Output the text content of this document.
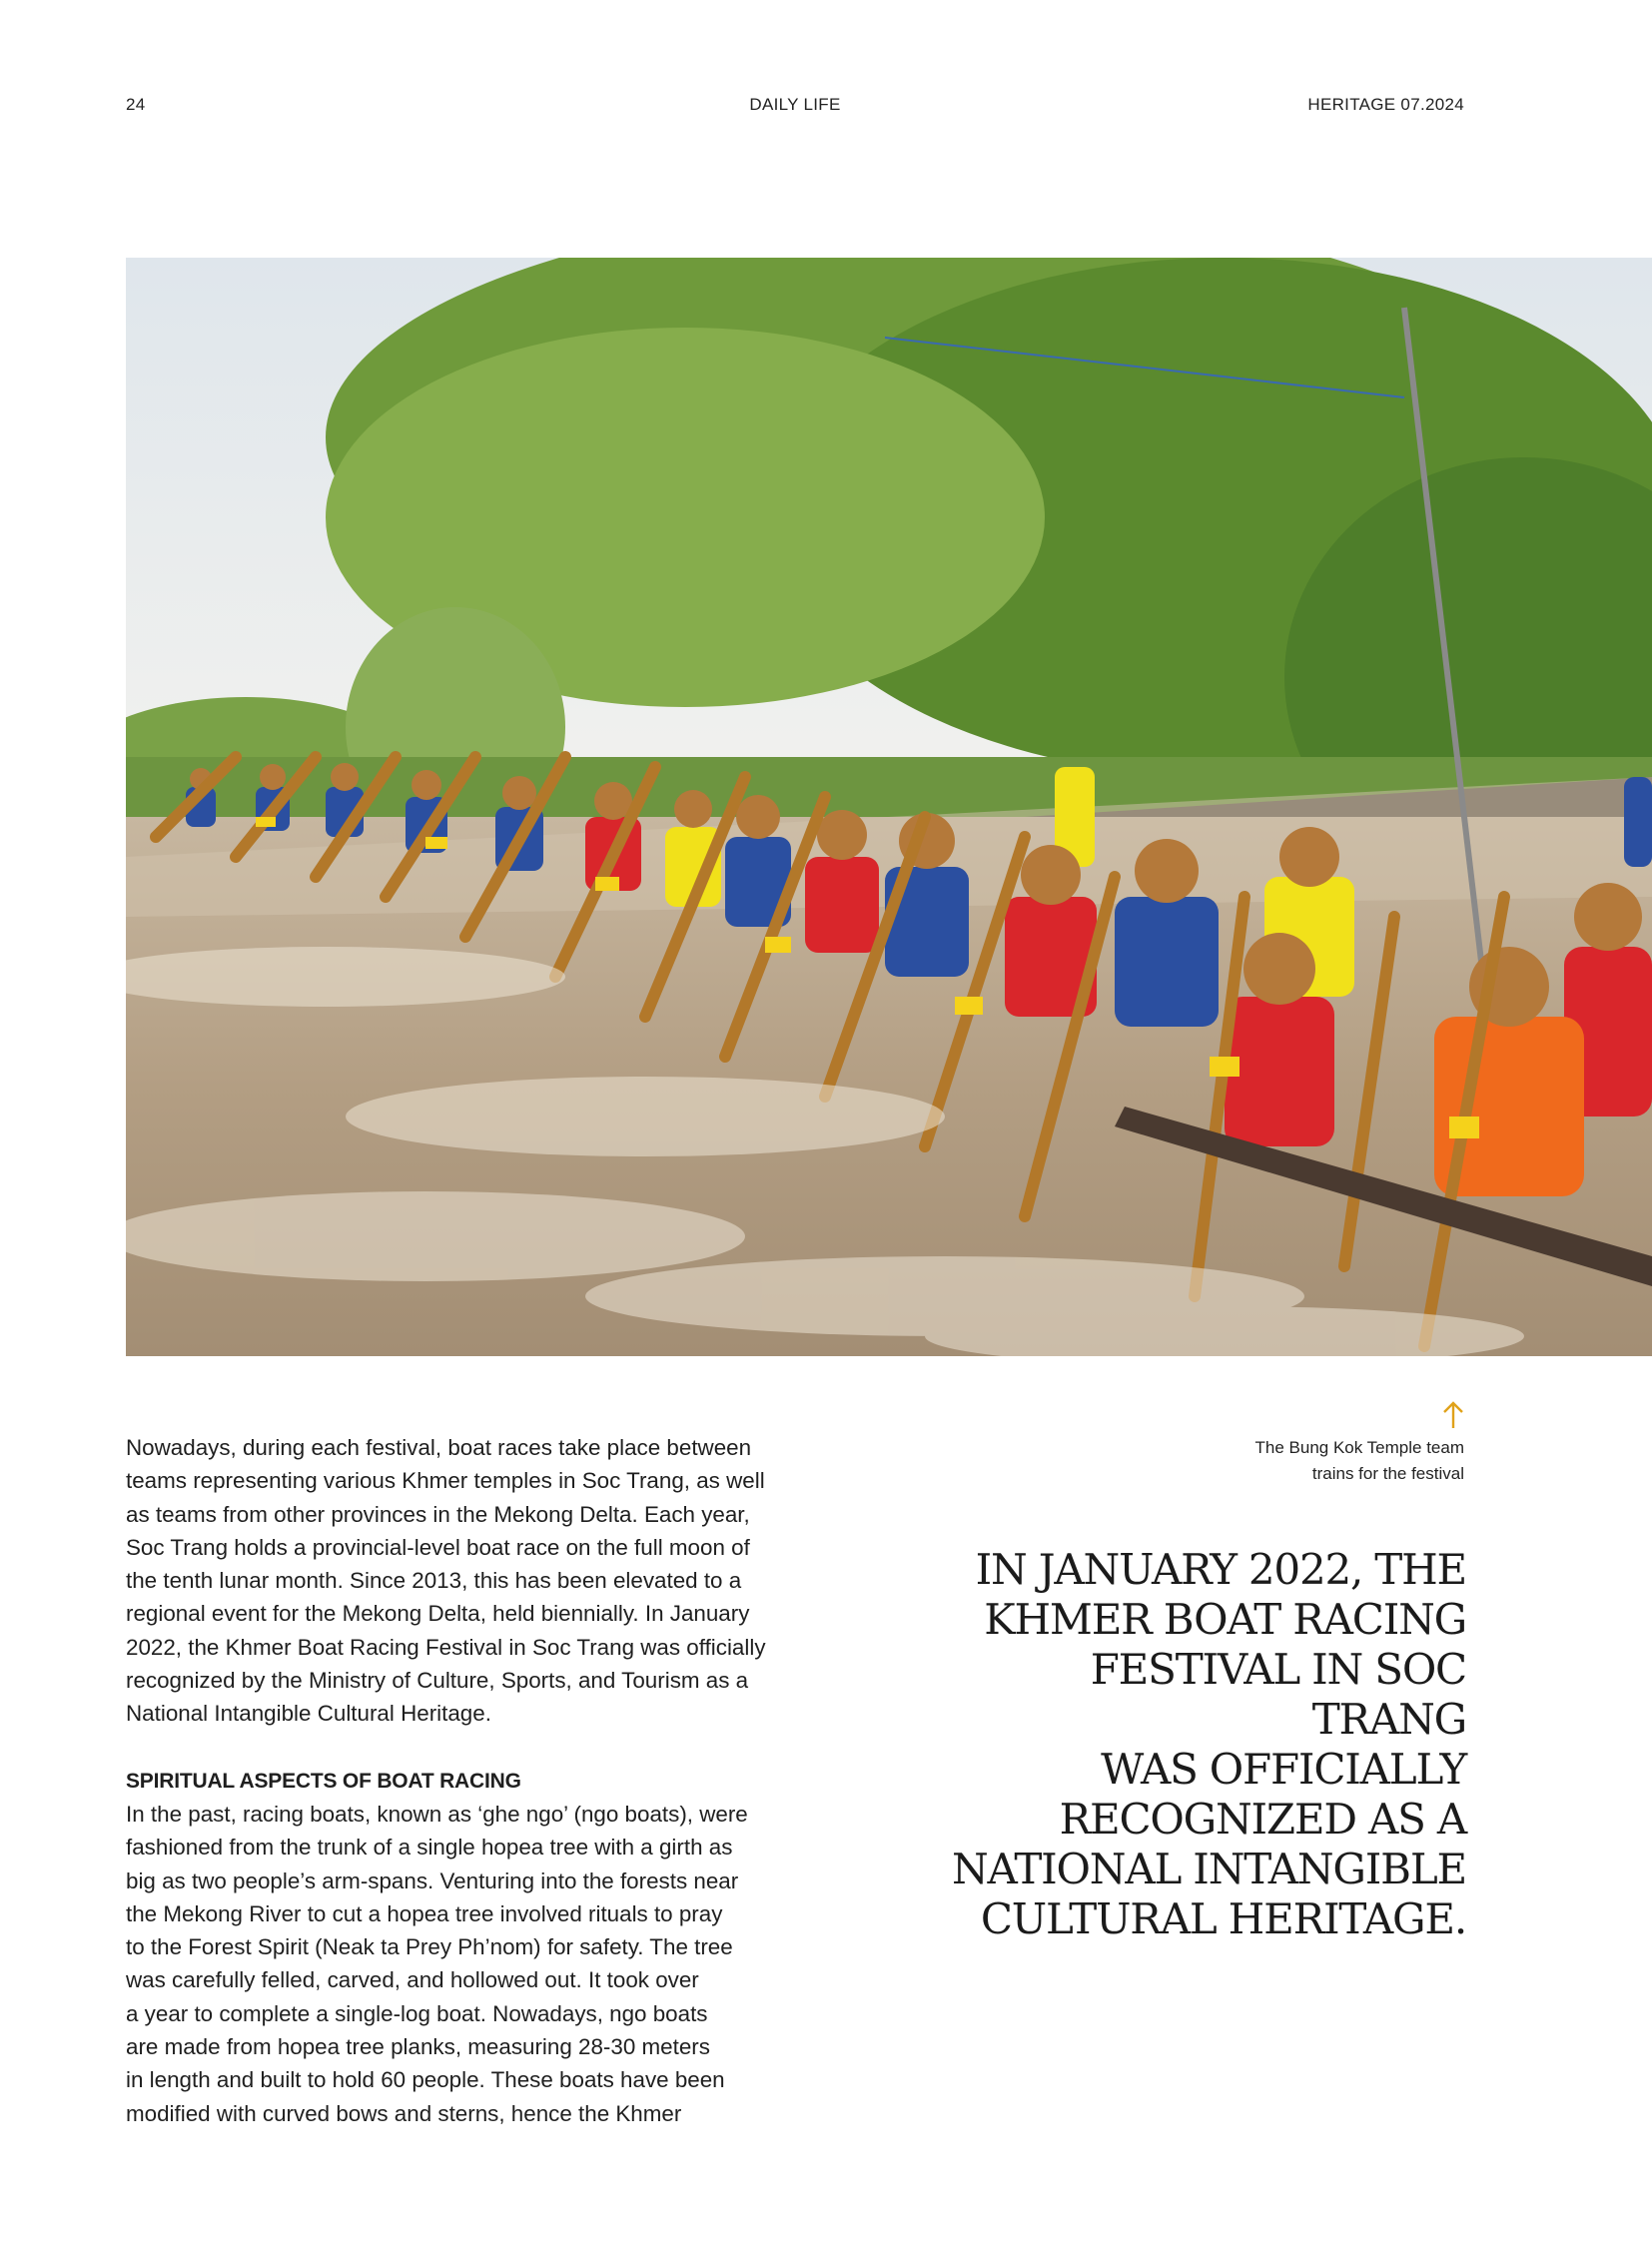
24	DAILY LIFE	HERITAGE 07.2024

Nowadays, during each festival, boat races take place between
teams representing various Khmer temples in Soc Trang, as well
as teams from other provinces in the Mekong Delta. Each year,
Soc Trang holds a provincial-level boat race on the full moon of
the tenth lunar month. Since 2013, this has been elevated to a
regional event for the Mekong Delta, held biennially. In January
2022, the Khmer Boat Racing Festival in Soc Trang was officially
recognized by the Ministry of Culture, Sports, and Tourism as a
National Intangible Cultural Heritage.

SPIRITUAL ASPECTS OF BOAT RACING

In the past, racing boats, known as ‘ghe ngo’ (ngo boats), were
fashioned from the trunk of a single hopea tree with a girth as
big as two people’s arm-spans. Venturing into the forests near
the Mekong River to cut a hopea tree involved rituals to pray
to the Forest Spirit (Neak ta Prey Ph’nom) for safety. The tree
was carefully felled, carved, and hollowed out. It took over
a year to complete a single-log boat. Nowadays, ngo boats
are made from hopea tree planks, measuring 28-30 meters
in length and built to hold 60 people. These boats have been
modified with curved bows and sterns, hence the Khmer

The Bung Kok Temple team
trains for the festival
IN JANUARY 2022, THE
KHMER BOAT RACING
FESTIVAL IN SOC TRANG
WAS OFFICIALLY
RECOGNIZED AS A
NATIONAL INTANGIBLE
CULTURAL HERITAGE.
